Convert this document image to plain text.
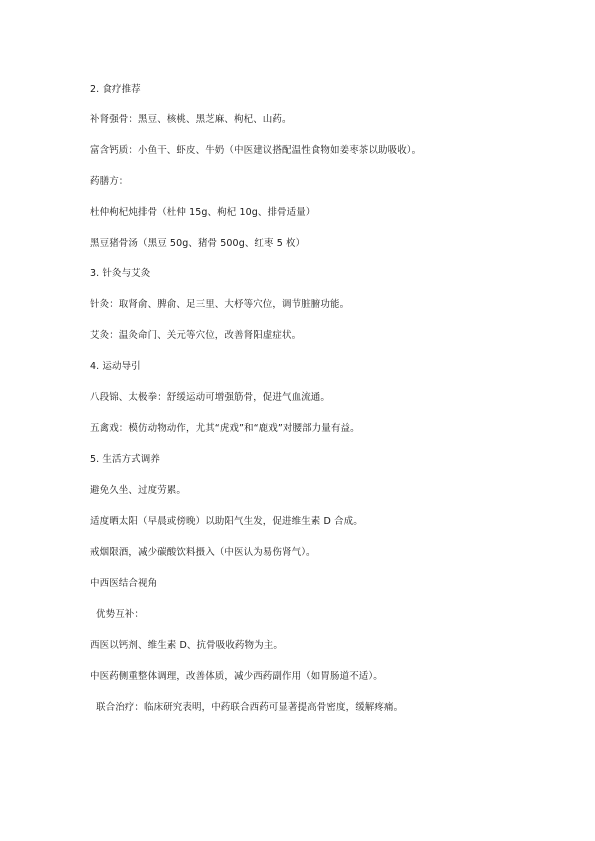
2. 食疗推荐
补肾强骨：黑豆、核桃、黑芝麻、枸杞、山药。
富含钙质：小鱼干、虾皮、牛奶（中医建议搭配温性食物如姜枣茶以助吸收）。
药膳方：
杜仲枸杞炖排骨（杜仲 15g、枸杞 10g、排骨适量）
黑豆猪骨汤（黑豆 50g、猪骨 500g、红枣 5 枚）
3. 针灸与艾灸
针灸：取肾俞、脾俞、足三里、大杼等穴位，调节脏腑功能。
艾灸：温灸命门、关元等穴位，改善肾阳虚症状。
4. 运动导引
八段锦、太极拳：舒缓运动可增强筋骨，促进气血流通。
五禽戏：模仿动物动作，尤其“虎戏”和“鹿戏”对腰部力量有益。
5. 生活方式调养
避免久坐、过度劳累。
适度晒太阳（早晨或傍晚）以助阳气生发，促进维生素 D 合成。
戒烟限酒，减少碳酸饮料摄入（中医认为易伤肾气）。
中西医结合视角
优势互补：
西医以钙剂、维生素 D、抗骨吸收药物为主。
中医药侧重整体调理，改善体质，减少西药副作用（如胃肠道不适）。
联合治疗：临床研究表明，中药联合西药可显著提高骨密度，缓解疼痛。
